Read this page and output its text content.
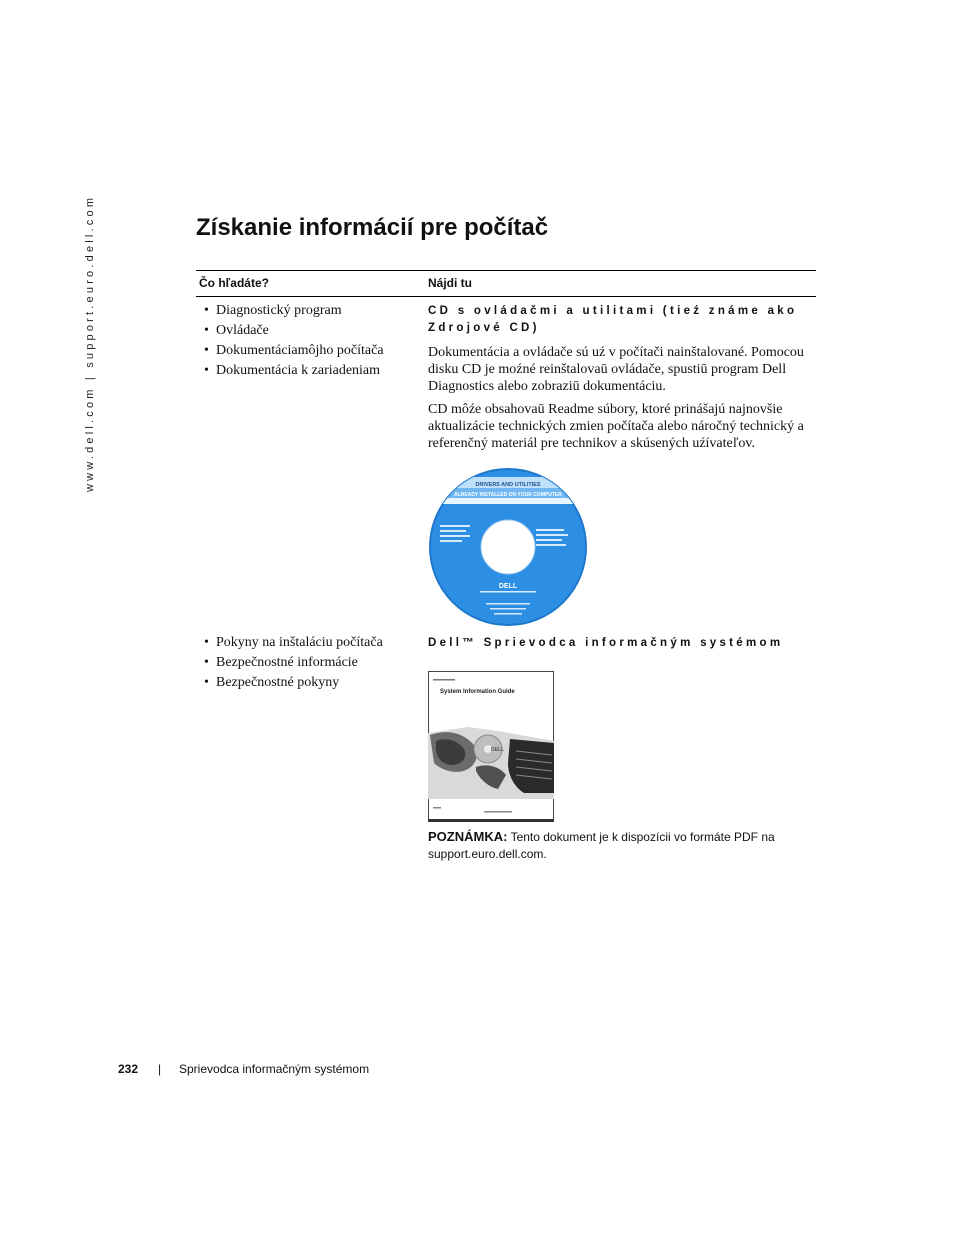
www.dell.com | support.euro.dell.com	Získanie informácií pre počítač
Čo hľadáte?	Nájdi tu
• Diagnostický program
• Ovládače
• Dokumentáciamôjho počítača
• Dokumentácia k zariadeniam

CD s ovládačmi a utilitami (tieź známe ako Zdrojové CD)

Dokumentácia a ovládače sú uź v počítači nainštalované. Pomocou disku CD je moźné reinštalovaū ovládače, spustiū program Dell Diagnostics alebo zobraziū dokumentáciu.

CD môźe obsahovaū Readme súbory, ktoré prinášajú najnovšie aktualizácie technických zmien počítača alebo náročný technický a referenčný materiál pre technikov a skúsených uźívateľov.

DRIVERS AND UTILITIES
ALREADY INSTALLED ON YOUR COMPUTER
DELL
• Pokyny na inštaláciu počítača
• Bezpečnostné informácie
• Bezpečnostné pokyny

Dell™ Sprievodca informačným systémom

System Information Guide
DELL
POZNÁMKA: Tento dokument je k dispozícii vo formáte PDF na support.euro.dell.com.
232 | Sprievodca informačným systémom
